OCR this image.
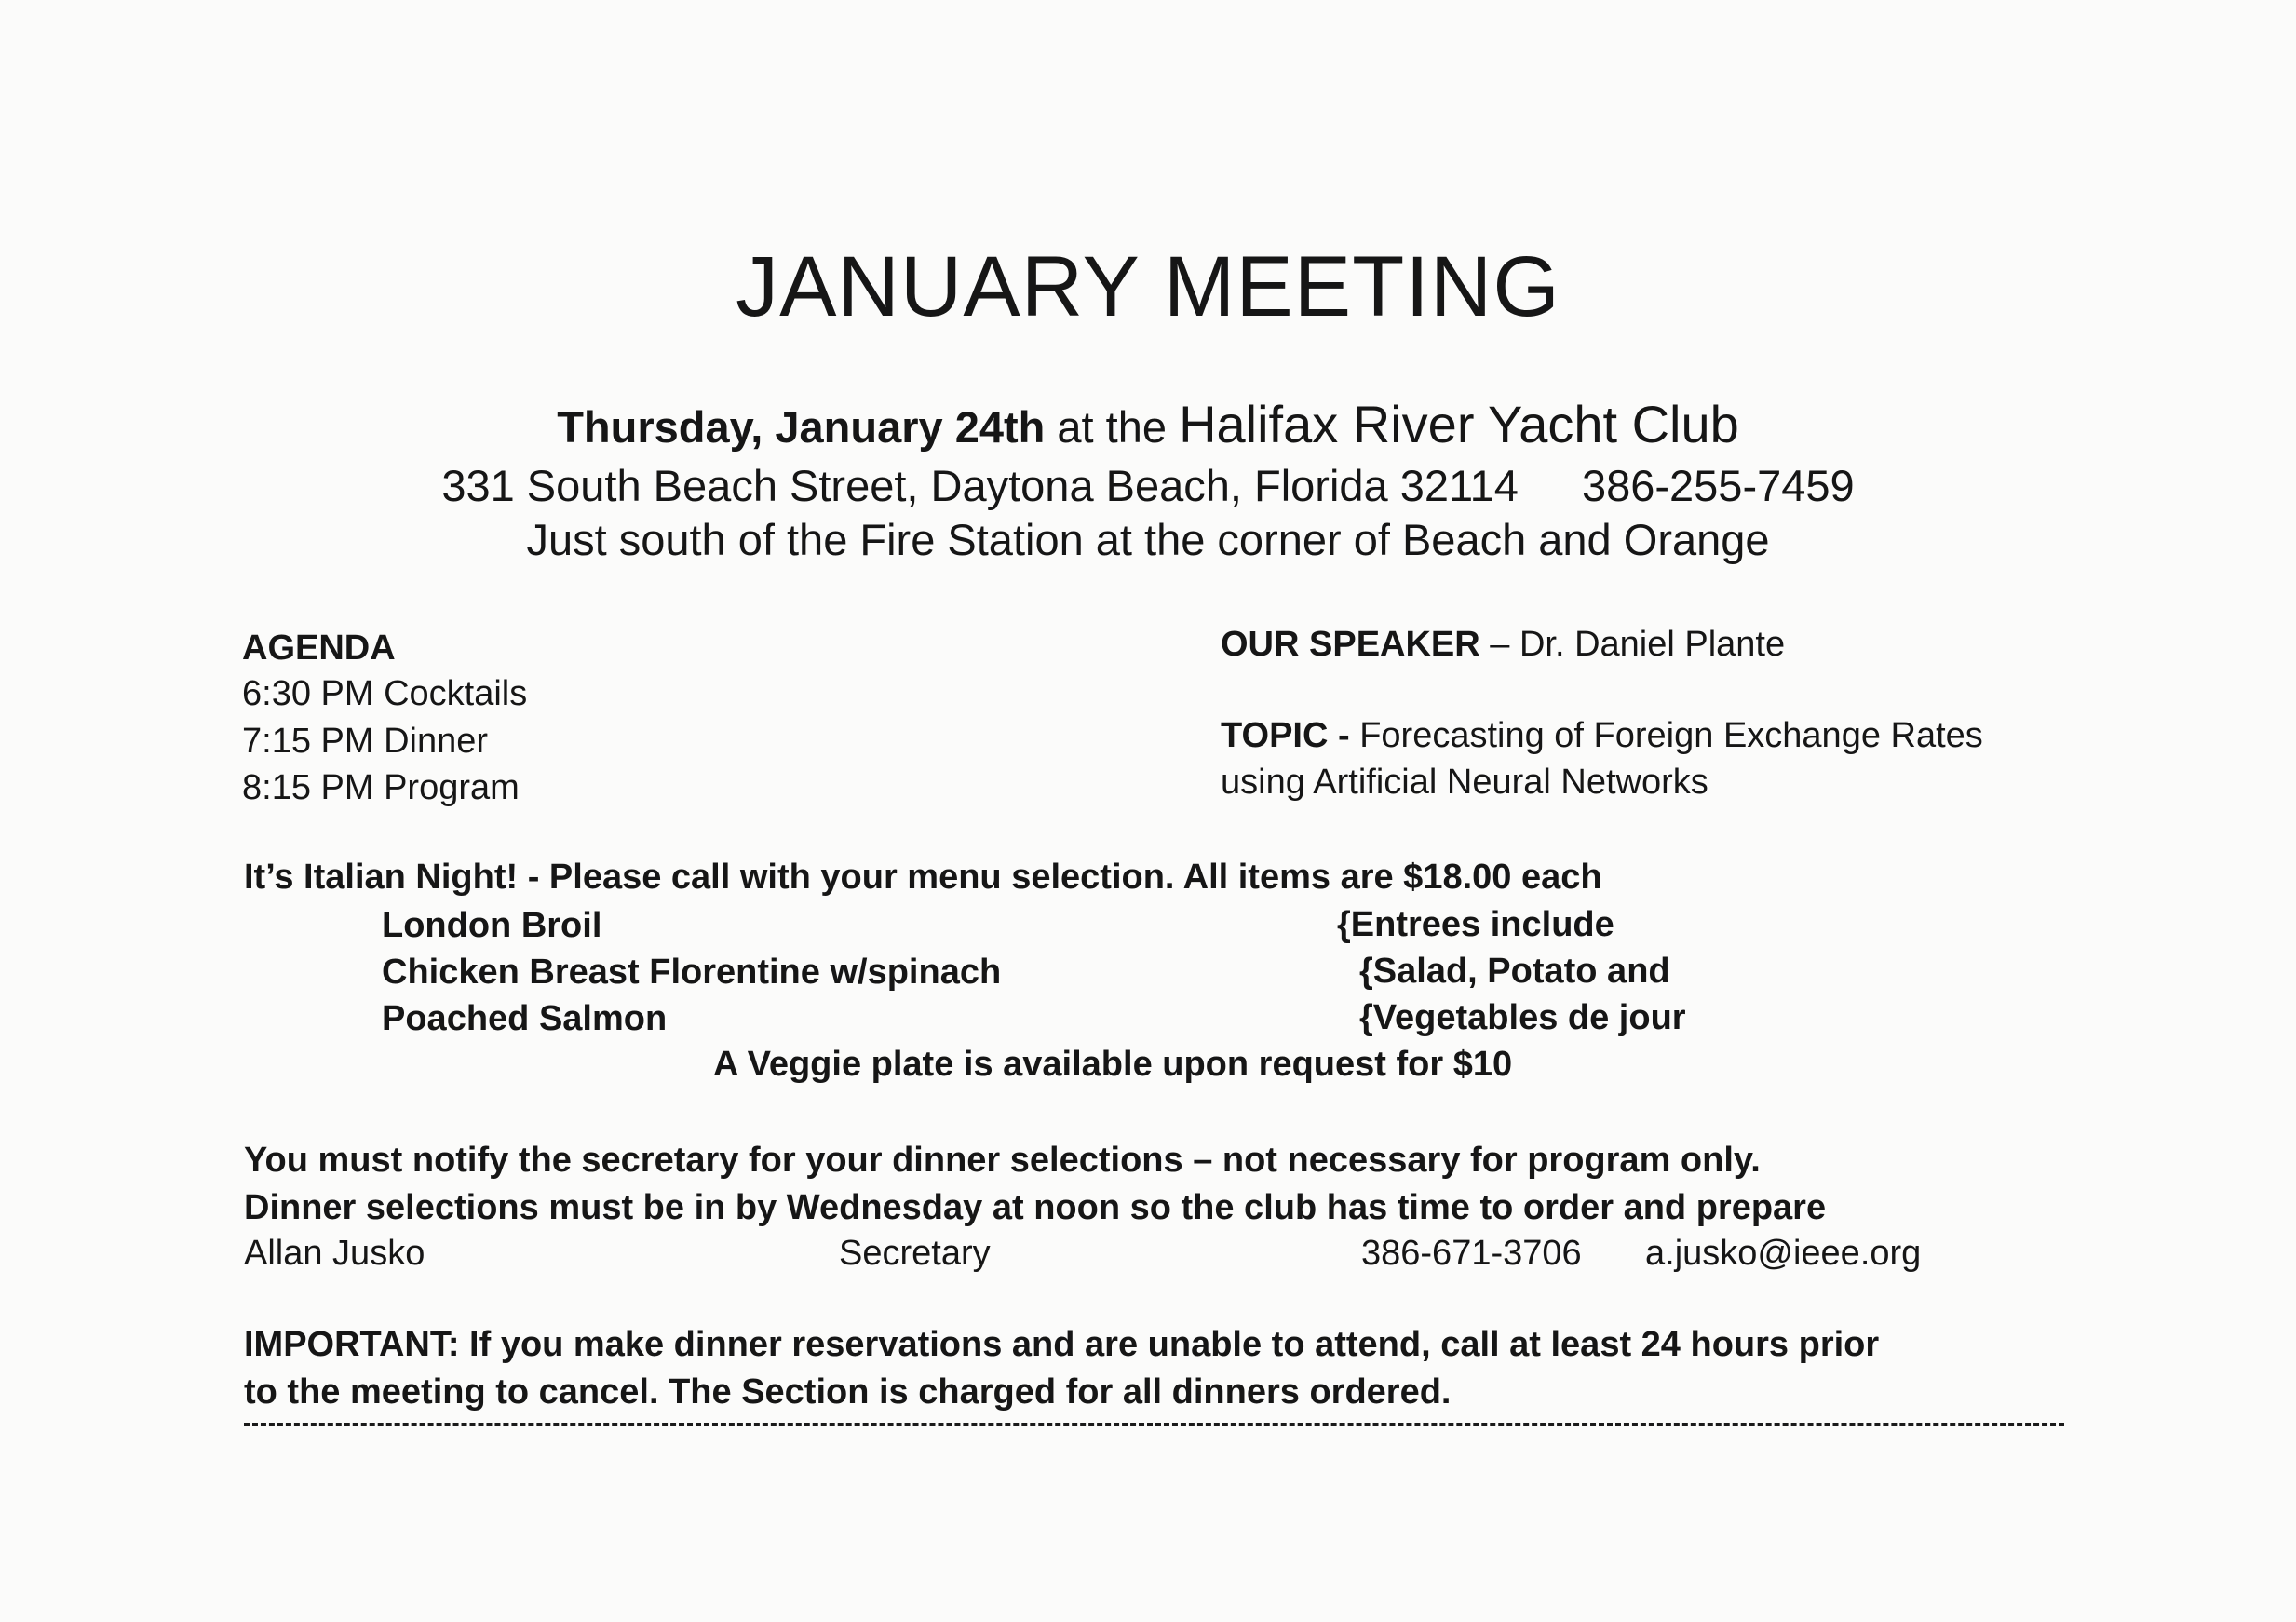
JANUARY MEETING
Thursday, January 24th at the Halifax River Yacht Club
331 South Beach Street, Daytona Beach, Florida 32114 386-255-7459
Just south of the Fire Station at the corner of Beach and Orange
AGENDA
6:30 PM Cocktails
7:15 PM Dinner
8:15 PM Program
OUR SPEAKER – Dr. Daniel Plante
TOPIC - Forecasting of Foreign Exchange Rates
using Artificial Neural Networks
It’s Italian Night! - Please call with your menu selection. All items are $18.00 each
London Broil
Chicken Breast Florentine w/spinach
Poached Salmon
{Entrees include
{Salad, Potato and
{Vegetables de jour
A Veggie plate is available upon request for $10
You must notify the secretary for your dinner selections – not necessary for program only.
Dinner selections must be in by Wednesday at noon so the club has time to order and prepare
Allan Jusko	Secretary	386-671-3706 a.jusko@ieee.org
IMPORTANT: If you make dinner reservations and are unable to attend, call at least 24 hours prior
to the meeting to cancel. The Section is charged for all dinners ordered.
